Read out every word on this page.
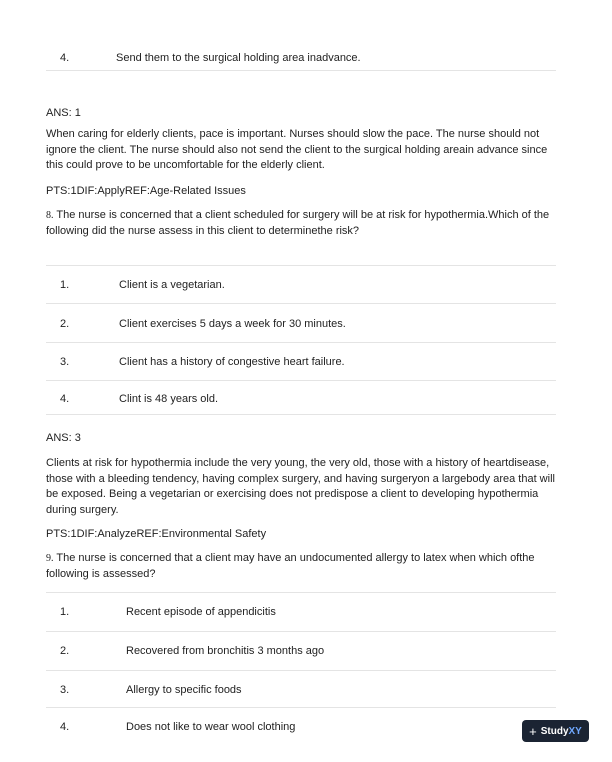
4.	Send them to the surgical holding area inadvance.
ANS: 1
When caring for elderly clients, pace is important. Nurses should slow the pace. The nurse should not ignore the client. The nurse should also not send the client to the surgical holding areain advance since this could prove to be uncomfortable for the elderly client.
PTS:1DIF:ApplyREF:Age-Related Issues
8. The nurse is concerned that a client scheduled for surgery will be at risk for hypothermia.Which of the following did the nurse assess in this client to determinethe risk?
1.	Client is a vegetarian.
2.	Client exercises 5 days a week for 30 minutes.
3.	Client has a history of congestive heart failure.
4.	Clint is 48 years old.
ANS: 3
Clients at risk for hypothermia include the very young, the very old, those with a history of heartdisease, those with a bleeding tendency, having complex surgery, and having surgeryon a largebody area that will be exposed. Being a vegetarian or exercising does not predispose a client to developing hypothermia during surgery.
PTS:1DIF:AnalyzeREF:Environmental Safety
9. The nurse is concerned that a client may have an undocumented allergy to latex when which ofthe following is assessed?
1.	Recent episode of appendicitis
2.	Recovered from bronchitis 3 months ago
3.	Allergy to specific foods
4.	Does not like to wear wool clothing	+ StudyXY
